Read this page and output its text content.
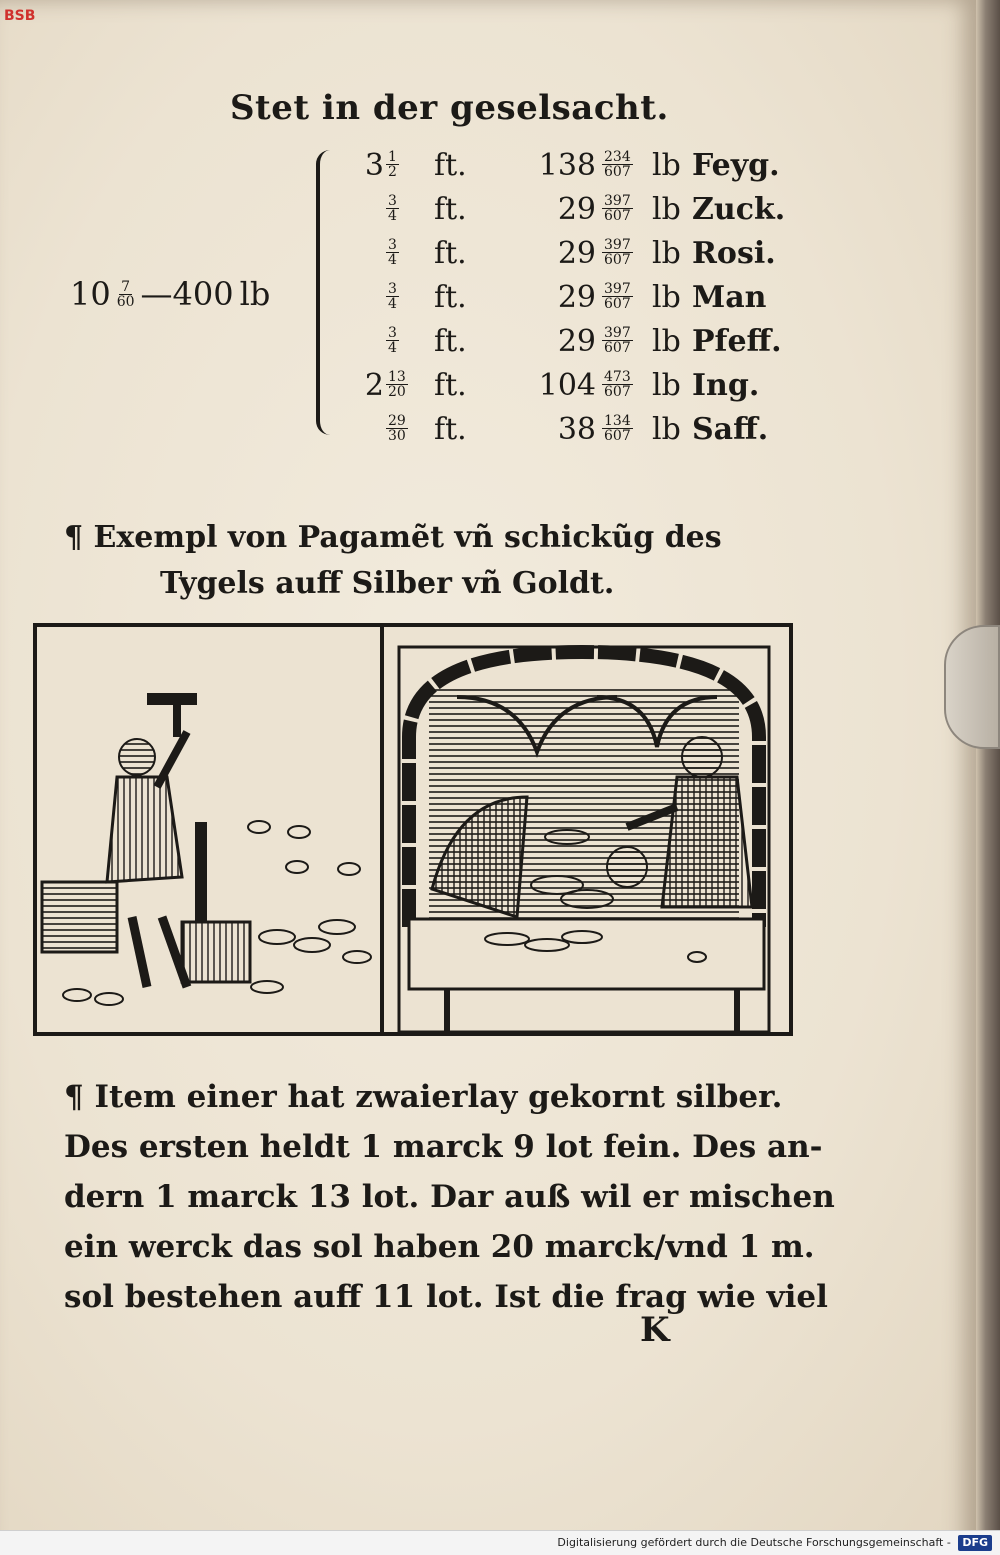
BSB
Stet in der geselsacht.
$10 \frac{7}{60}$ —400 lb
$3 \frac{1}{2}$ ft.	$138 \frac{234}{607}$ lb Feyg.
$\frac{3}{4}$ ft.	$29 \frac{397}{607}$ lb Zuck.
$\frac{3}{4}$ ft.	$29 \frac{397}{607}$ lb Rosi.
$\frac{3}{4}$ ft.	$29 \frac{397}{607}$ lb Man
$\frac{3}{4}$ ft.	$29 \frac{397}{607}$ lb Pfeff.
$2 \frac{13}{20}$ ft.	$104 \frac{473}{607}$ lb Ing.
$\frac{29}{30}$ ft.	$38 \frac{134}{607}$ lb Saff.
¶ Exempl von Pagamẽt vñ schickũg des
Tygels auff Silber vñ Goldt.
¶ Item einer hat zwaierlay gekornt silber.
Des ersten heldt 1 marck 9 lot fein. Des an-
dern 1 marck 13 lot. Dar auß wil er mischen
ein werck das sol haben 20 marck/vnd 1 m.
sol bestehen auff 11 lot. Ist die frag wie viel
K
Digitalisierung gefördert durch die Deutsche Forschungsgemeinschaft - DFG
